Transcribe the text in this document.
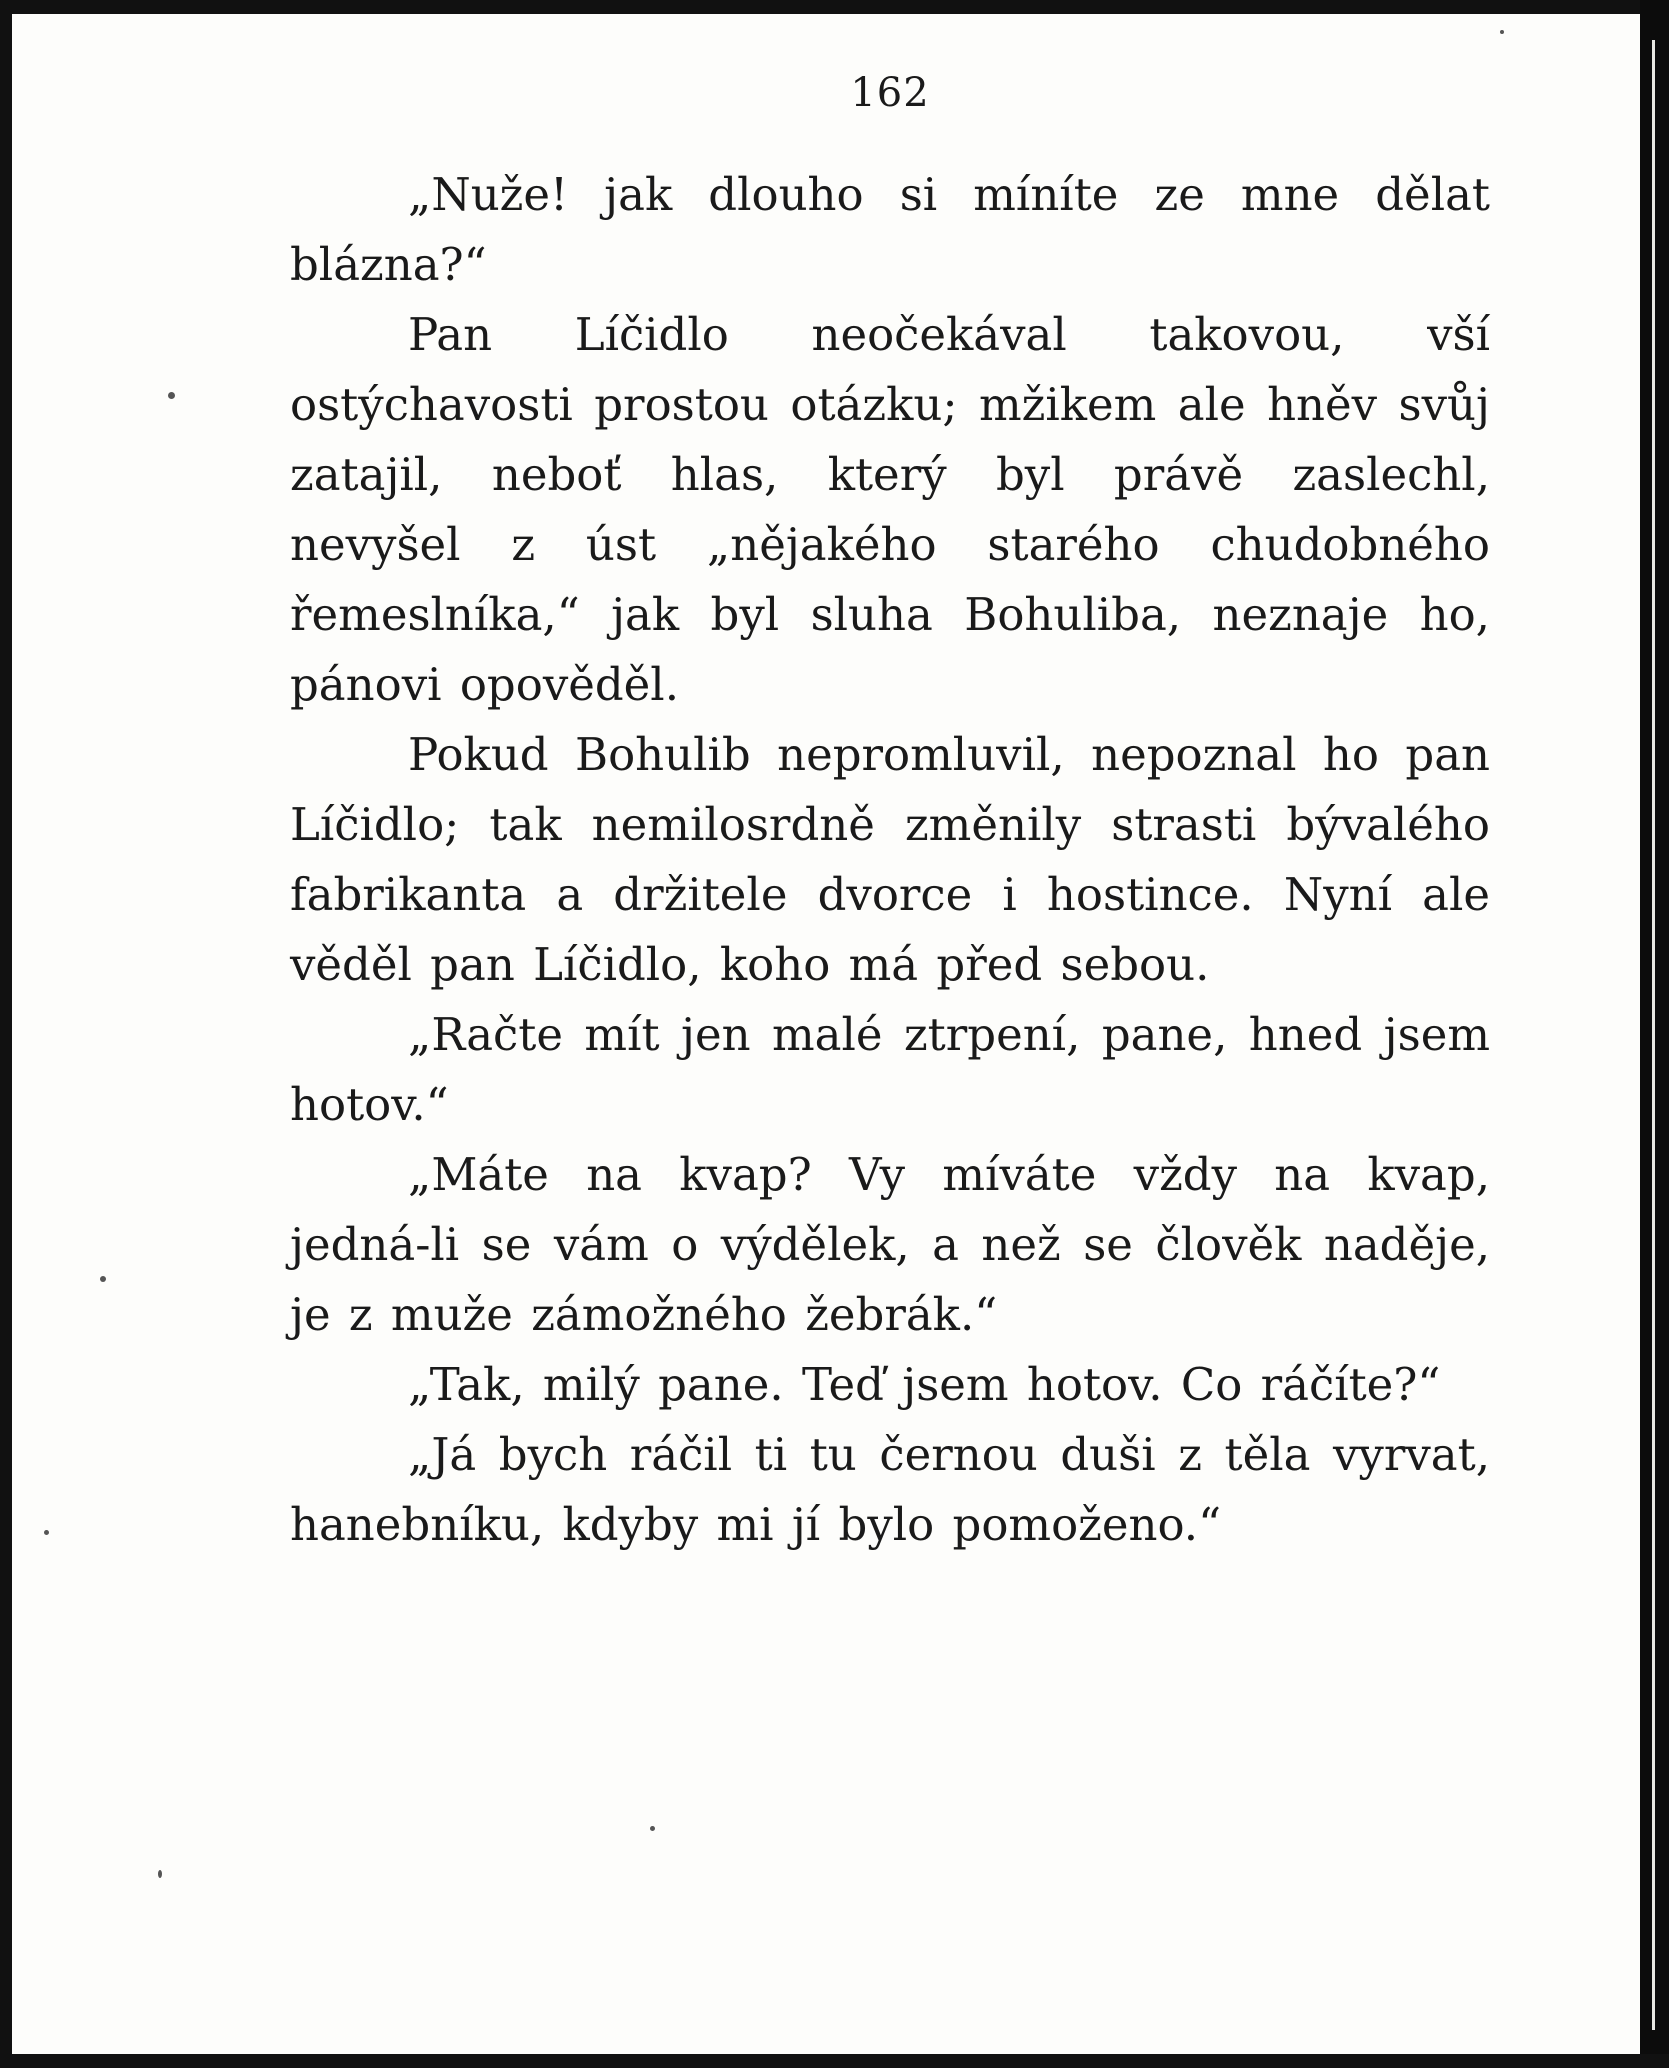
162

„Nuže! jak dlouho si míníte ze mne dělat blázna?“

Pan Líčidlo neočekával takovou, vší ostýchavosti prostou otázku; mžikem ale hněv svůj zatajil, neboť hlas, který byl právě zaslechl, nevyšel z úst „nějakého starého chudobného řemeslníka,“ jak byl sluha Bohuliba, neznaje ho, pánovi opověděl.

Pokud Bohulib nepromluvil, nepoznal ho pan Líčidlo; tak nemilosrdně změnily strasti bývalého fabrikanta a držitele dvorce i hostince. Nyní ale věděl pan Líčidlo, koho má před sebou.

„Račte mít jen malé ztrpení, pane, hned jsem hotov.“

„Máte na kvap? Vy míváte vždy na kvap, jedná-li se vám o výdělek, a než se člověk naděje, je z muže zámožného žebrák.“

„Tak, milý pane. Teď jsem hotov. Co ráčíte?“

„Já bych ráčil ti tu černou duši z těla vyrvat, hanebníku, kdyby mi jí bylo pomoženo.“
